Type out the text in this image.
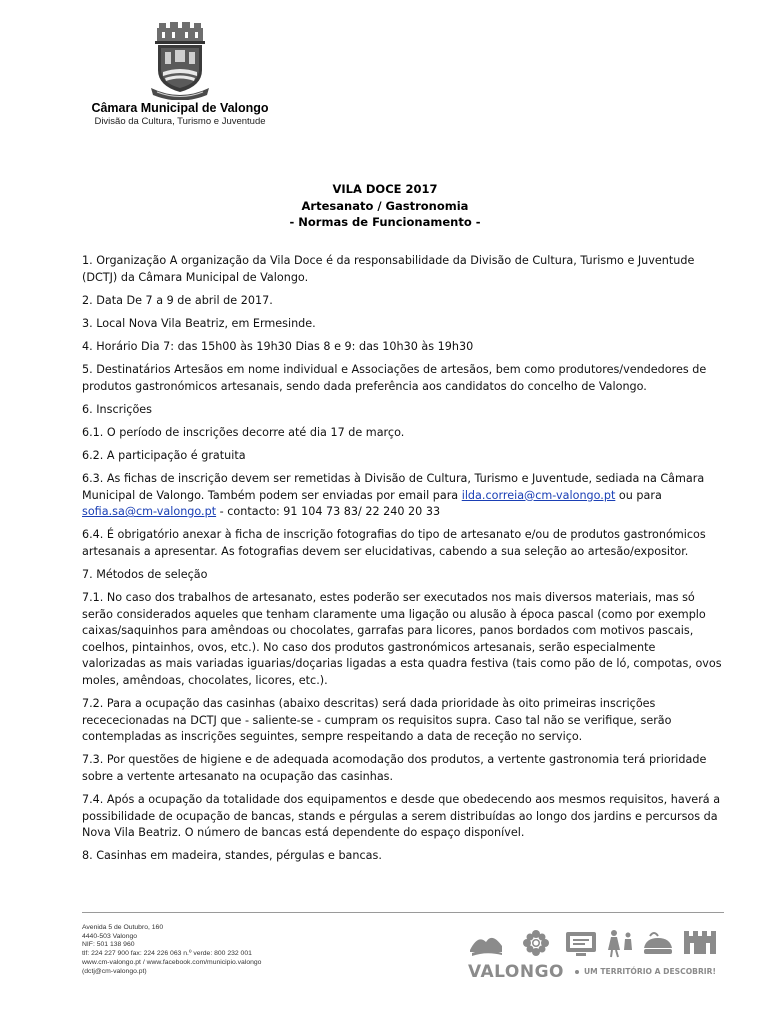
Câmara Municipal de Valongo
Divisão da Cultura, Turismo e Juventude
VILA DOCE 2017
Artesanato / Gastronomia
- Normas de Funcionamento -

1. Organização A organização da Vila Doce é da responsabilidade da Divisão de Cultura, Turismo e Juventude (DCTJ) da Câmara Municipal de Valongo.

2. Data De 7 a 9 de abril de 2017.

3. Local Nova Vila Beatriz, em Ermesinde.

4. Horário Dia 7: das 15h00 às 19h30 Dias 8 e 9: das 10h30 às 19h30

5. Destinatários Artesãos em nome individual e Associações de artesãos, bem como produtores/vendedores de produtos gastronómicos artesanais, sendo dada preferência aos candidatos do concelho de Valongo.

6. Inscrições

6.1. O período de inscrições decorre até dia 17 de março.

6.2. A participação é gratuita

6.3. As fichas de inscrição devem ser remetidas à Divisão de Cultura, Turismo e Juventude, sediada na Câmara Municipal de Valongo. Também podem ser enviadas por email para ilda.correia@cm-valongo.pt ou para sofia.sa@cm-valongo.pt - contacto: 91 104 73 83/ 22 240 20 33

6.4. É obrigatório anexar à ficha de inscrição fotografias do tipo de artesanato e/ou de produtos gastronómicos artesanais a apresentar. As fotografias devem ser elucidativas, cabendo a sua seleção ao artesão/expositor.

7. Métodos de seleção

7.1. No caso dos trabalhos de artesanato, estes poderão ser executados nos mais diversos materiais, mas só serão considerados aqueles que tenham claramente uma ligação ou alusão à época pascal (como por exemplo caixas/saquinhos para amêndoas ou chocolates, garrafas para licores, panos bordados com motivos pascais, coelhos, pintainhos, ovos, etc.). No caso dos produtos gastronómicos artesanais, serão especialmente valorizadas as mais variadas iguarias/doçarias ligadas a esta quadra festiva (tais como pão de ló, compotas, ovos moles, amêndoas, chocolates, licores, etc.).

7.2. Para a ocupação das casinhas (abaixo descritas) será dada prioridade às oito primeiras inscrições recececionadas na DCTJ que - saliente-se - cumpram os requisitos supra. Caso tal não se verifique, serão contempladas as inscrições seguintes, sempre respeitando a data de receção no serviço.

7.3. Por questões de higiene e de adequada acomodação dos produtos, a vertente gastronomia terá prioridade sobre a vertente artesanato na ocupação das casinhas.

7.4. Após a ocupação da totalidade dos equipamentos e desde que obedecendo aos mesmos requisitos, haverá a possibilidade de ocupação de bancas, stands e pérgulas a serem distribuídas ao longo dos jardins e percursos da Nova Vila Beatriz. O número de bancas está dependente do espaço disponível.

8. Casinhas em madeira, standes, pérgulas e bancas.

Avenida 5 de Outubro, 160
4440-503 Valongo
NIF: 501 138 960
tlf: 224 227 900 fax: 224 226 063 n.º verde: 800 232 001
www.cm-valongo.pt / www.facebook.com/municipio.valongo
(dctj@cm-valongo.pt)	VALONGO	UM TERRITÓRIO A DESCOBRIR!
